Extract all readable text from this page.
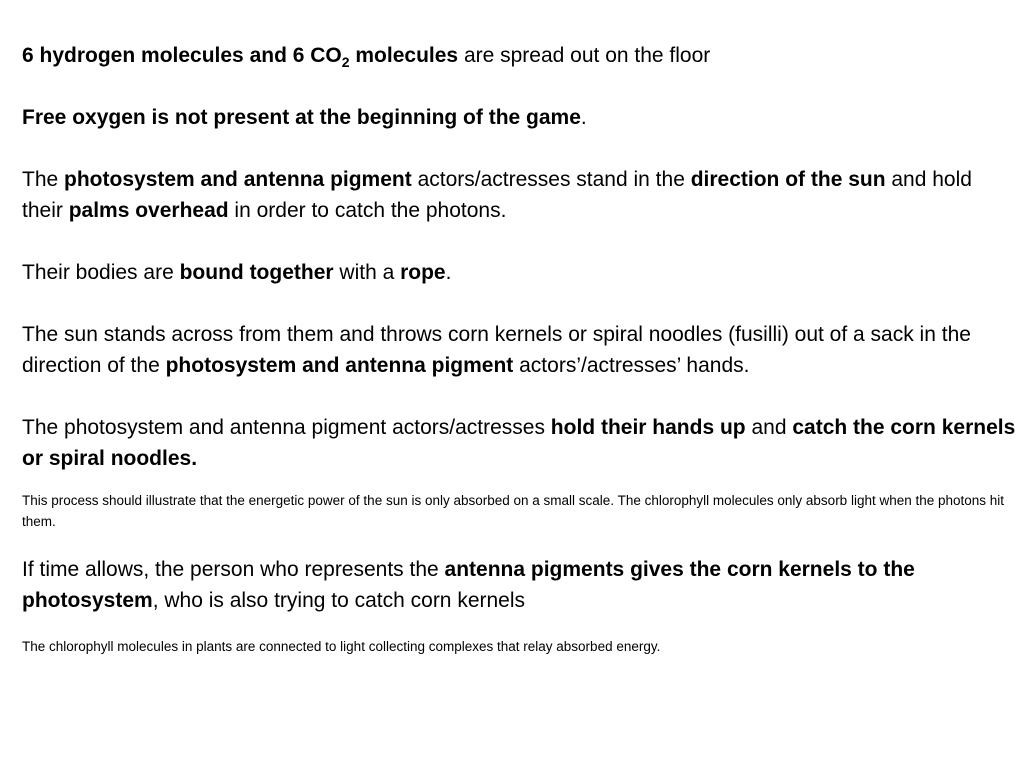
6 hydrogen molecules and 6 $CO_2$ molecules are spread out on the floor

Free oxygen is not present at the beginning of the game.

The photosystem and antenna pigment actors/actresses stand in the direction of the sun and hold their palms overhead in order to catch the photons.

Their bodies are bound together with a rope.

The sun stands across from them and throws corn kernels or spiral noodles (fusilli) out of a sack in the direction of the photosystem and antenna pigment actors’/actresses’ hands.

The photosystem and antenna pigment actors/actresses hold their hands up and catch the corn kernels or spiral noodles.

This process should illustrate that the energetic power of the sun is only absorbed on a small scale. The chlorophyll molecules only absorb light when the photons hit them.

If time allows, the person who represents the antenna pigments gives the corn kernels to the photosystem, who is also trying to catch corn kernels

The chlorophyll molecules in plants are connected to light collecting complexes that relay absorbed energy.
